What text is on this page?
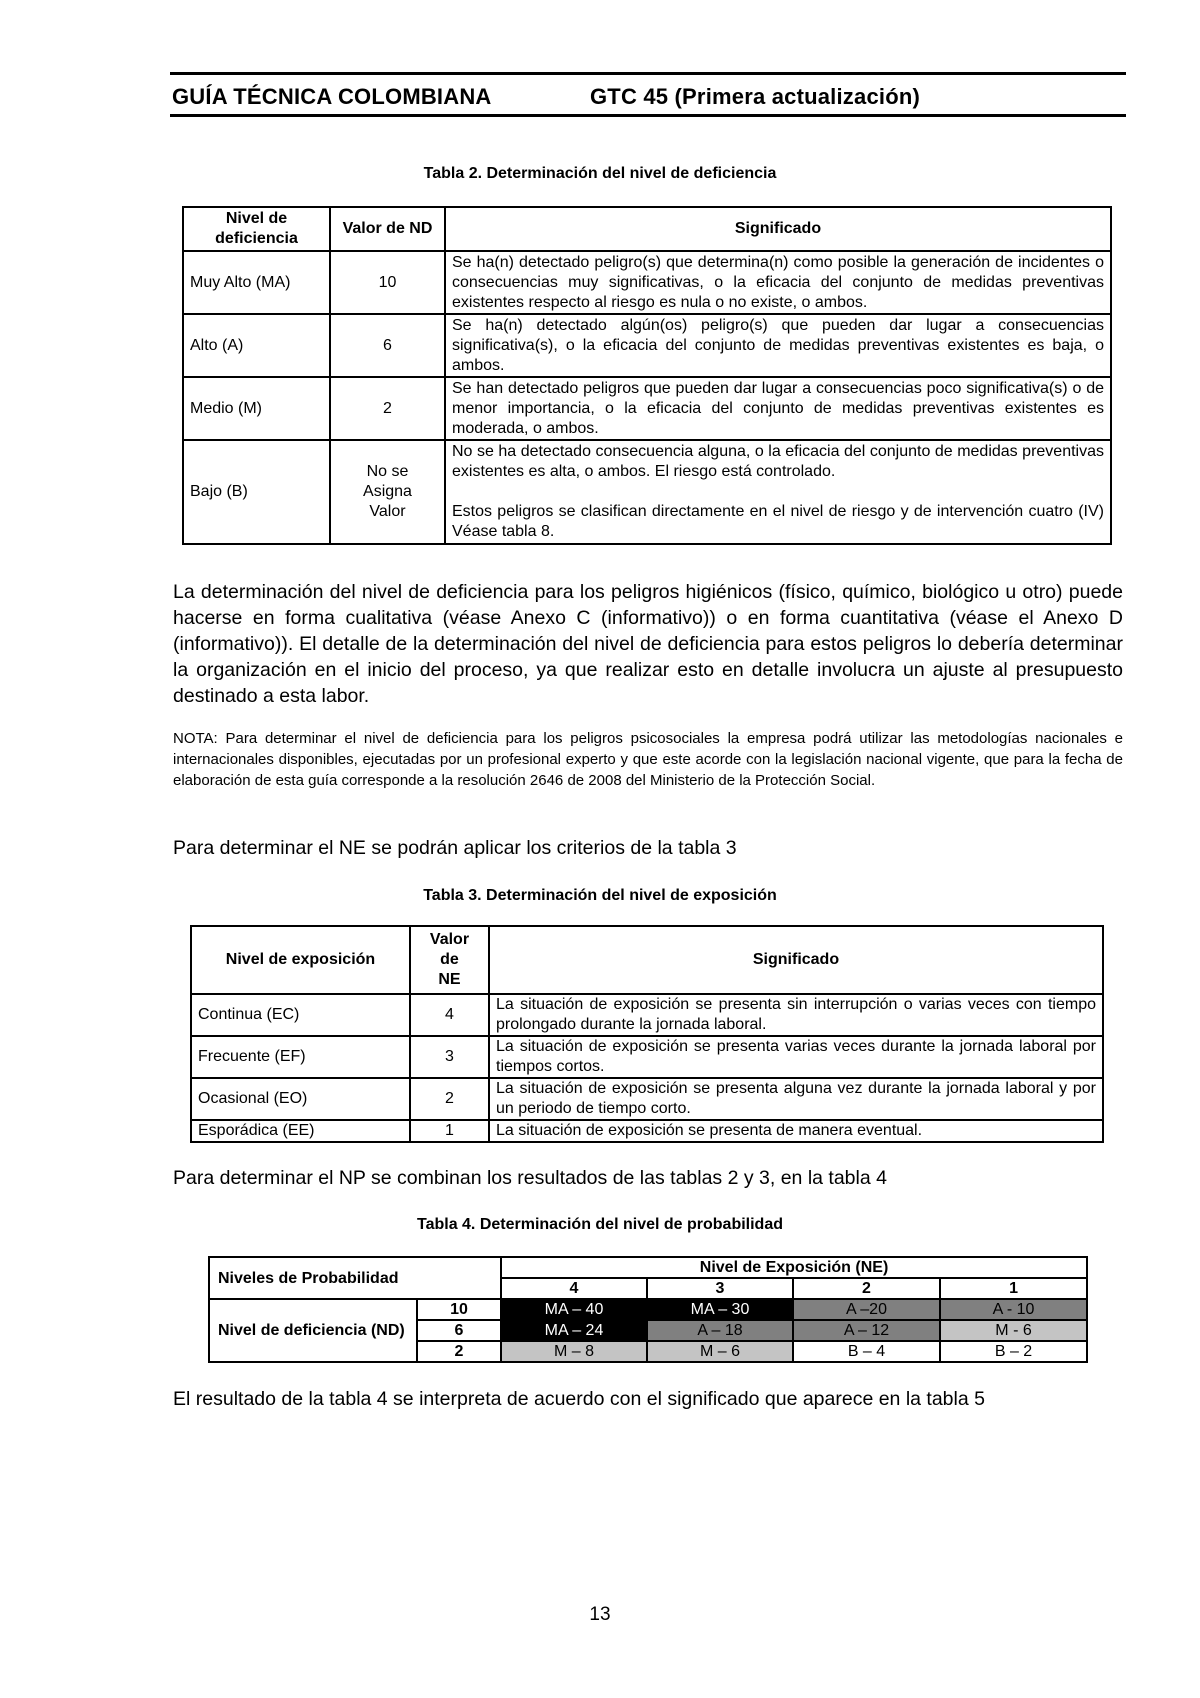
GUÍA TÉCNICA COLOMBIANA	GTC 45 (Primera actualización)
Tabla 2. Determinación del nivel de deficiencia
Nivel de deficiencia	Valor de ND	Significado
Muy Alto (MA)	10	Se ha(n) detectado peligro(s) que determina(n) como posible la generación de incidentes o consecuencias muy significativas, o la eficacia del conjunto de medidas preventivas existentes respecto al riesgo es nula o no existe, o ambos.
Alto (A)	6	Se ha(n) detectado algún(os) peligro(s) que pueden dar lugar a consecuencias significativa(s), o la eficacia del conjunto de medidas preventivas existentes es baja, o ambos.
Medio (M)	2	Se han detectado peligros que pueden dar lugar a consecuencias poco significativa(s) o de menor importancia, o la eficacia del conjunto de medidas preventivas existentes es moderada, o ambos.
Bajo (B)	No se Asigna Valor	No se ha detectado consecuencia alguna, o la eficacia del conjunto de medidas preventivas existentes es alta, o ambos. El riesgo está controlado.
Estos peligros se clasifican directamente en el nivel de riesgo y de intervención cuatro (IV) Véase tabla 8.
La determinación del nivel de deficiencia para los peligros higiénicos (físico, químico, biológico u otro) puede hacerse en forma cualitativa (véase Anexo C (informativo)) o en forma cuantitativa (véase el Anexo D (informativo)). El detalle de la determinación del nivel de deficiencia para estos peligros lo debería determinar la organización en el inicio del proceso, ya que realizar esto en detalle involucra un ajuste al presupuesto destinado a esta labor.
NOTA: Para determinar el nivel de deficiencia para los peligros psicosociales la empresa podrá utilizar las metodologías nacionales e internacionales disponibles, ejecutadas por un profesional experto y que este acorde con la legislación nacional vigente, que para la fecha de elaboración de esta guía corresponde a la resolución 2646 de 2008 del Ministerio de la Protección Social.
Para determinar el NE se podrán aplicar los criterios de la tabla 3
Tabla 3. Determinación del nivel de exposición
Nivel de exposición	Valor de NE	Significado
Continua (EC)	4	La situación de exposición se presenta sin interrupción o varias veces con tiempo prolongado durante la jornada laboral.
Frecuente (EF)	3	La situación de exposición se presenta varias veces durante la jornada laboral por tiempos cortos.
Ocasional (EO)	2	La situación de exposición se presenta alguna vez durante la jornada laboral y por un periodo de tiempo corto.
Esporádica (EE)	1	La situación de exposición se presenta de manera eventual.
Para determinar el NP se combinan los resultados de las tablas 2 y 3, en la tabla 4
Tabla 4. Determinación del nivel de probabilidad
Niveles de Probabilidad		Nivel de Exposición (NE)			
		4	3	2	1
Nivel de deficiencia (ND)	10	MA – 40	MA – 30	A –20	A - 10
	6	MA – 24	A – 18	A – 12	M - 6
	2	M – 8	M – 6	B – 4	B – 2
El resultado de la tabla 4 se interpreta de acuerdo con el significado que aparece en la tabla 5
13
